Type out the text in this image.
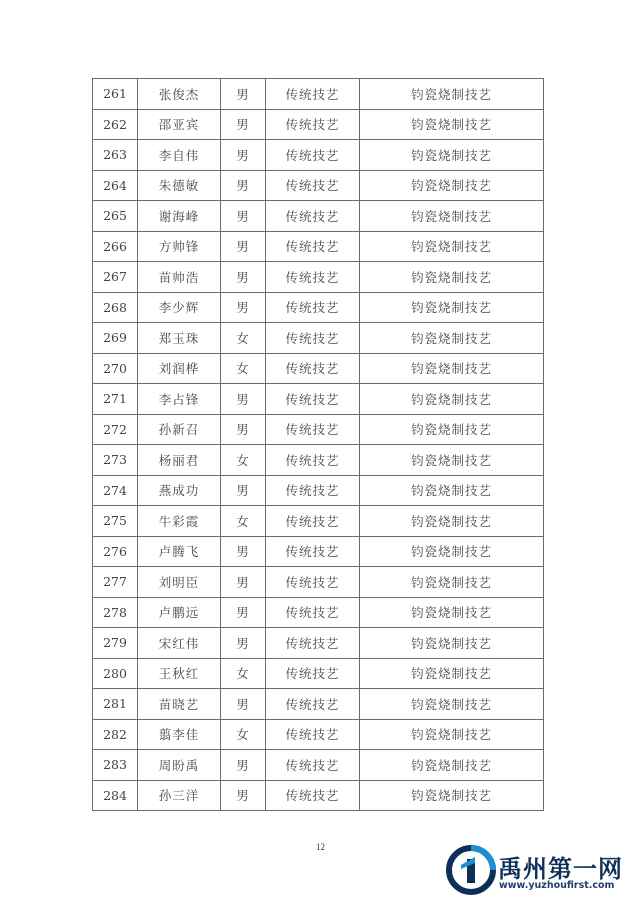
261	张俊杰	男	传统技艺	钧瓷烧制技艺
262	邵亚宾	男	传统技艺	钧瓷烧制技艺
263	李自伟	男	传统技艺	钧瓷烧制技艺
264	朱德敏	男	传统技艺	钧瓷烧制技艺
265	谢海峰	男	传统技艺	钧瓷烧制技艺
266	方帅锋	男	传统技艺	钧瓷烧制技艺
267	苗帅浩	男	传统技艺	钧瓷烧制技艺
268	李少辉	男	传统技艺	钧瓷烧制技艺
269	郑玉珠	女	传统技艺	钧瓷烧制技艺
270	刘润桦	女	传统技艺	钧瓷烧制技艺
271	李占锋	男	传统技艺	钧瓷烧制技艺
272	孙新召	男	传统技艺	钧瓷烧制技艺
273	杨丽君	女	传统技艺	钧瓷烧制技艺
274	燕成功	男	传统技艺	钧瓷烧制技艺
275	牛彩霞	女	传统技艺	钧瓷烧制技艺
276	卢腾飞	男	传统技艺	钧瓷烧制技艺
277	刘明臣	男	传统技艺	钧瓷烧制技艺
278	卢鹏远	男	传统技艺	钧瓷烧制技艺
279	宋红伟	男	传统技艺	钧瓷烧制技艺
280	王秋红	女	传统技艺	钧瓷烧制技艺
281	苗晓艺	男	传统技艺	钧瓷烧制技艺
282	翦李佳	女	传统技艺	钧瓷烧制技艺
283	周盼禹	男	传统技艺	钧瓷烧制技艺
284	孙三洋	男	传统技艺	钧瓷烧制技艺
12
禹州第一网
www.yuzhoufirst.com
